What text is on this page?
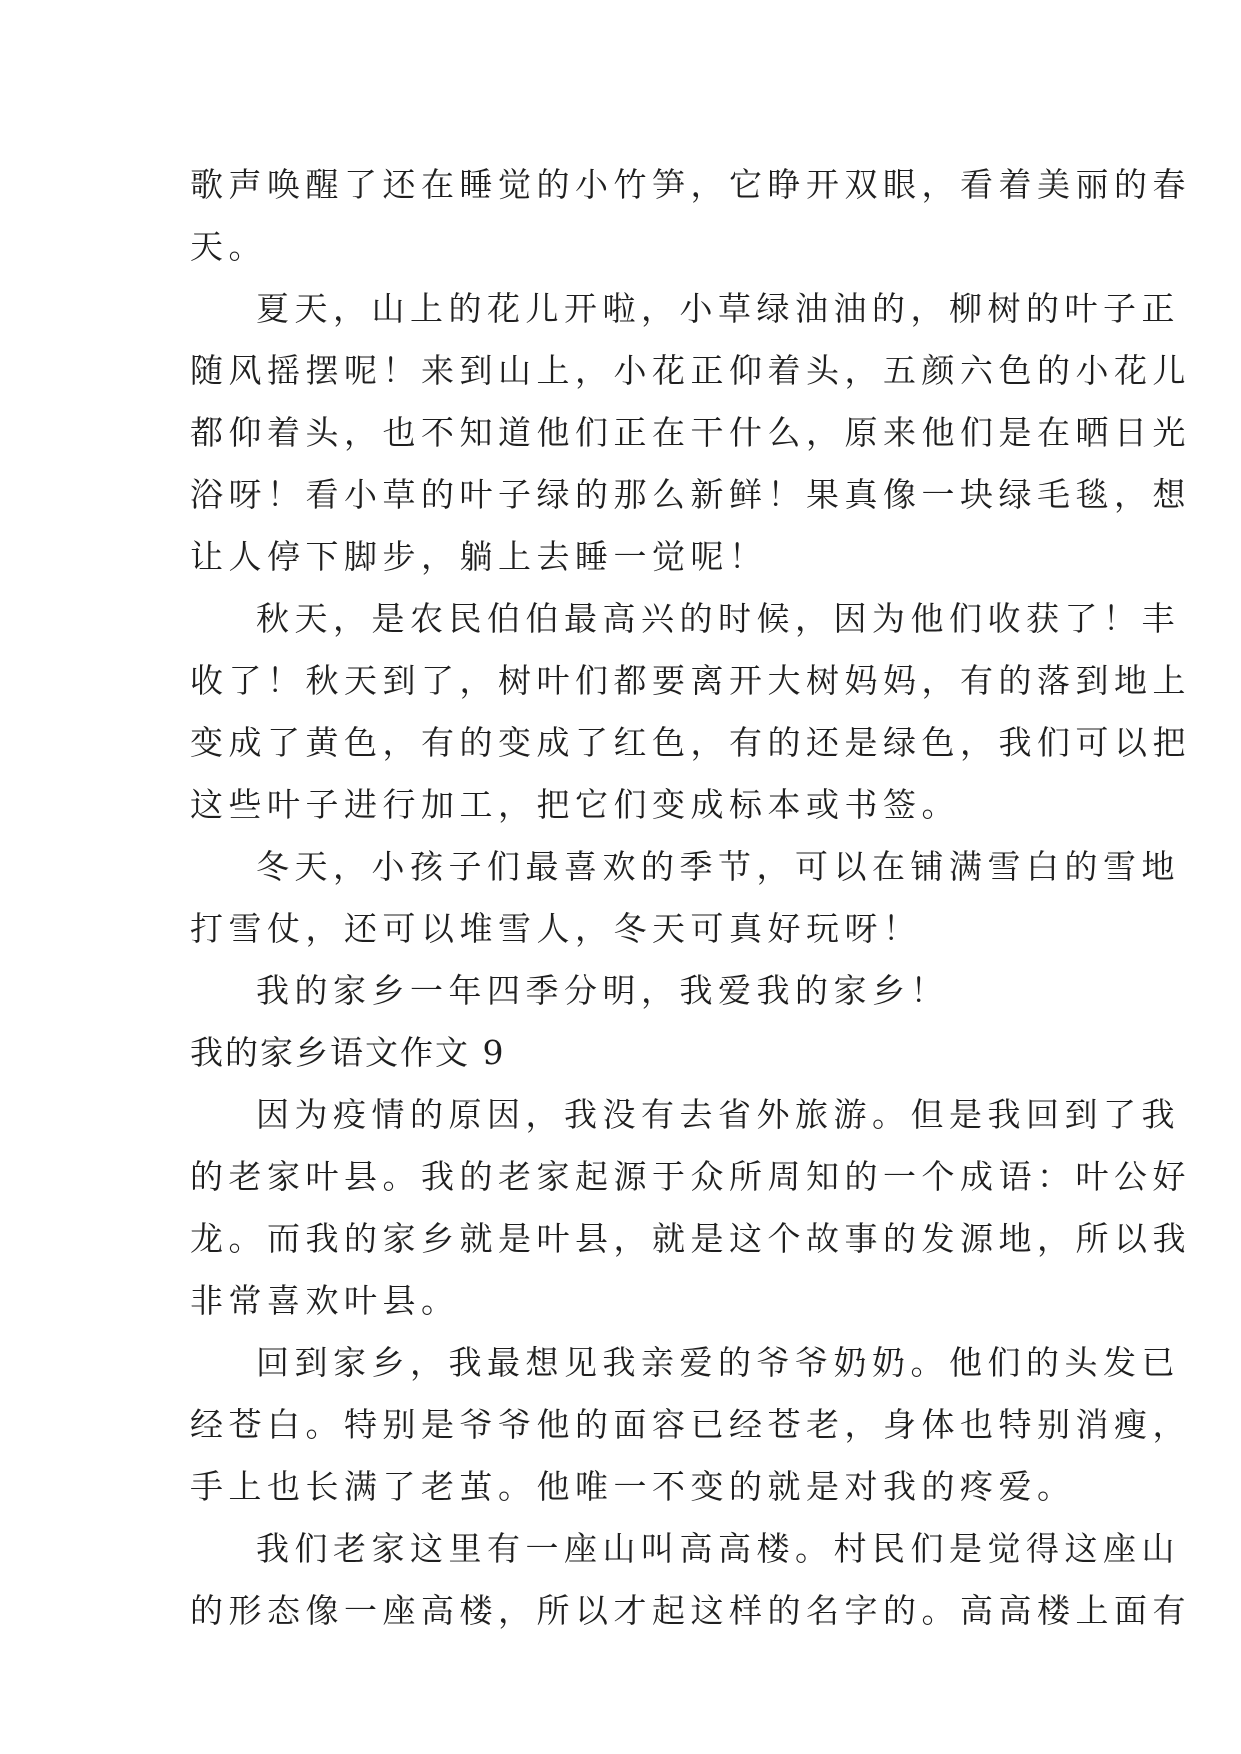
歌声唤醒了还在睡觉的小竹笋，它睁开双眼，看着美丽的春
天。
夏天，山上的花儿开啦，小草绿油油的，柳树的叶子正
随风摇摆呢！来到山上，小花正仰着头，五颜六色的小花儿
都仰着头，也不知道他们正在干什么，原来他们是在晒日光
浴呀！看小草的叶子绿的那么新鲜！果真像一块绿毛毯，想
让人停下脚步，躺上去睡一觉呢！
秋天，是农民伯伯最高兴的时候，因为他们收获了！丰
收了！秋天到了，树叶们都要离开大树妈妈，有的落到地上
变成了黄色，有的变成了红色，有的还是绿色，我们可以把
这些叶子进行加工，把它们变成标本或书签。
冬天，小孩子们最喜欢的季节，可以在铺满雪白的雪地
打雪仗，还可以堆雪人，冬天可真好玩呀！
我的家乡一年四季分明，我爱我的家乡！
我的家乡语文作文 9
因为疫情的原因，我没有去省外旅游。但是我回到了我
的老家叶县。我的老家起源于众所周知的一个成语：叶公好
龙。而我的家乡就是叶县，就是这个故事的发源地，所以我
非常喜欢叶县。
回到家乡，我最想见我亲爱的爷爷奶奶。他们的头发已
经苍白。特别是爷爷他的面容已经苍老，身体也特别消瘦，
手上也长满了老茧。他唯一不变的就是对我的疼爱。
我们老家这里有一座山叫高高楼。村民们是觉得这座山
的形态像一座高楼，所以才起这样的名字的。高高楼上面有
